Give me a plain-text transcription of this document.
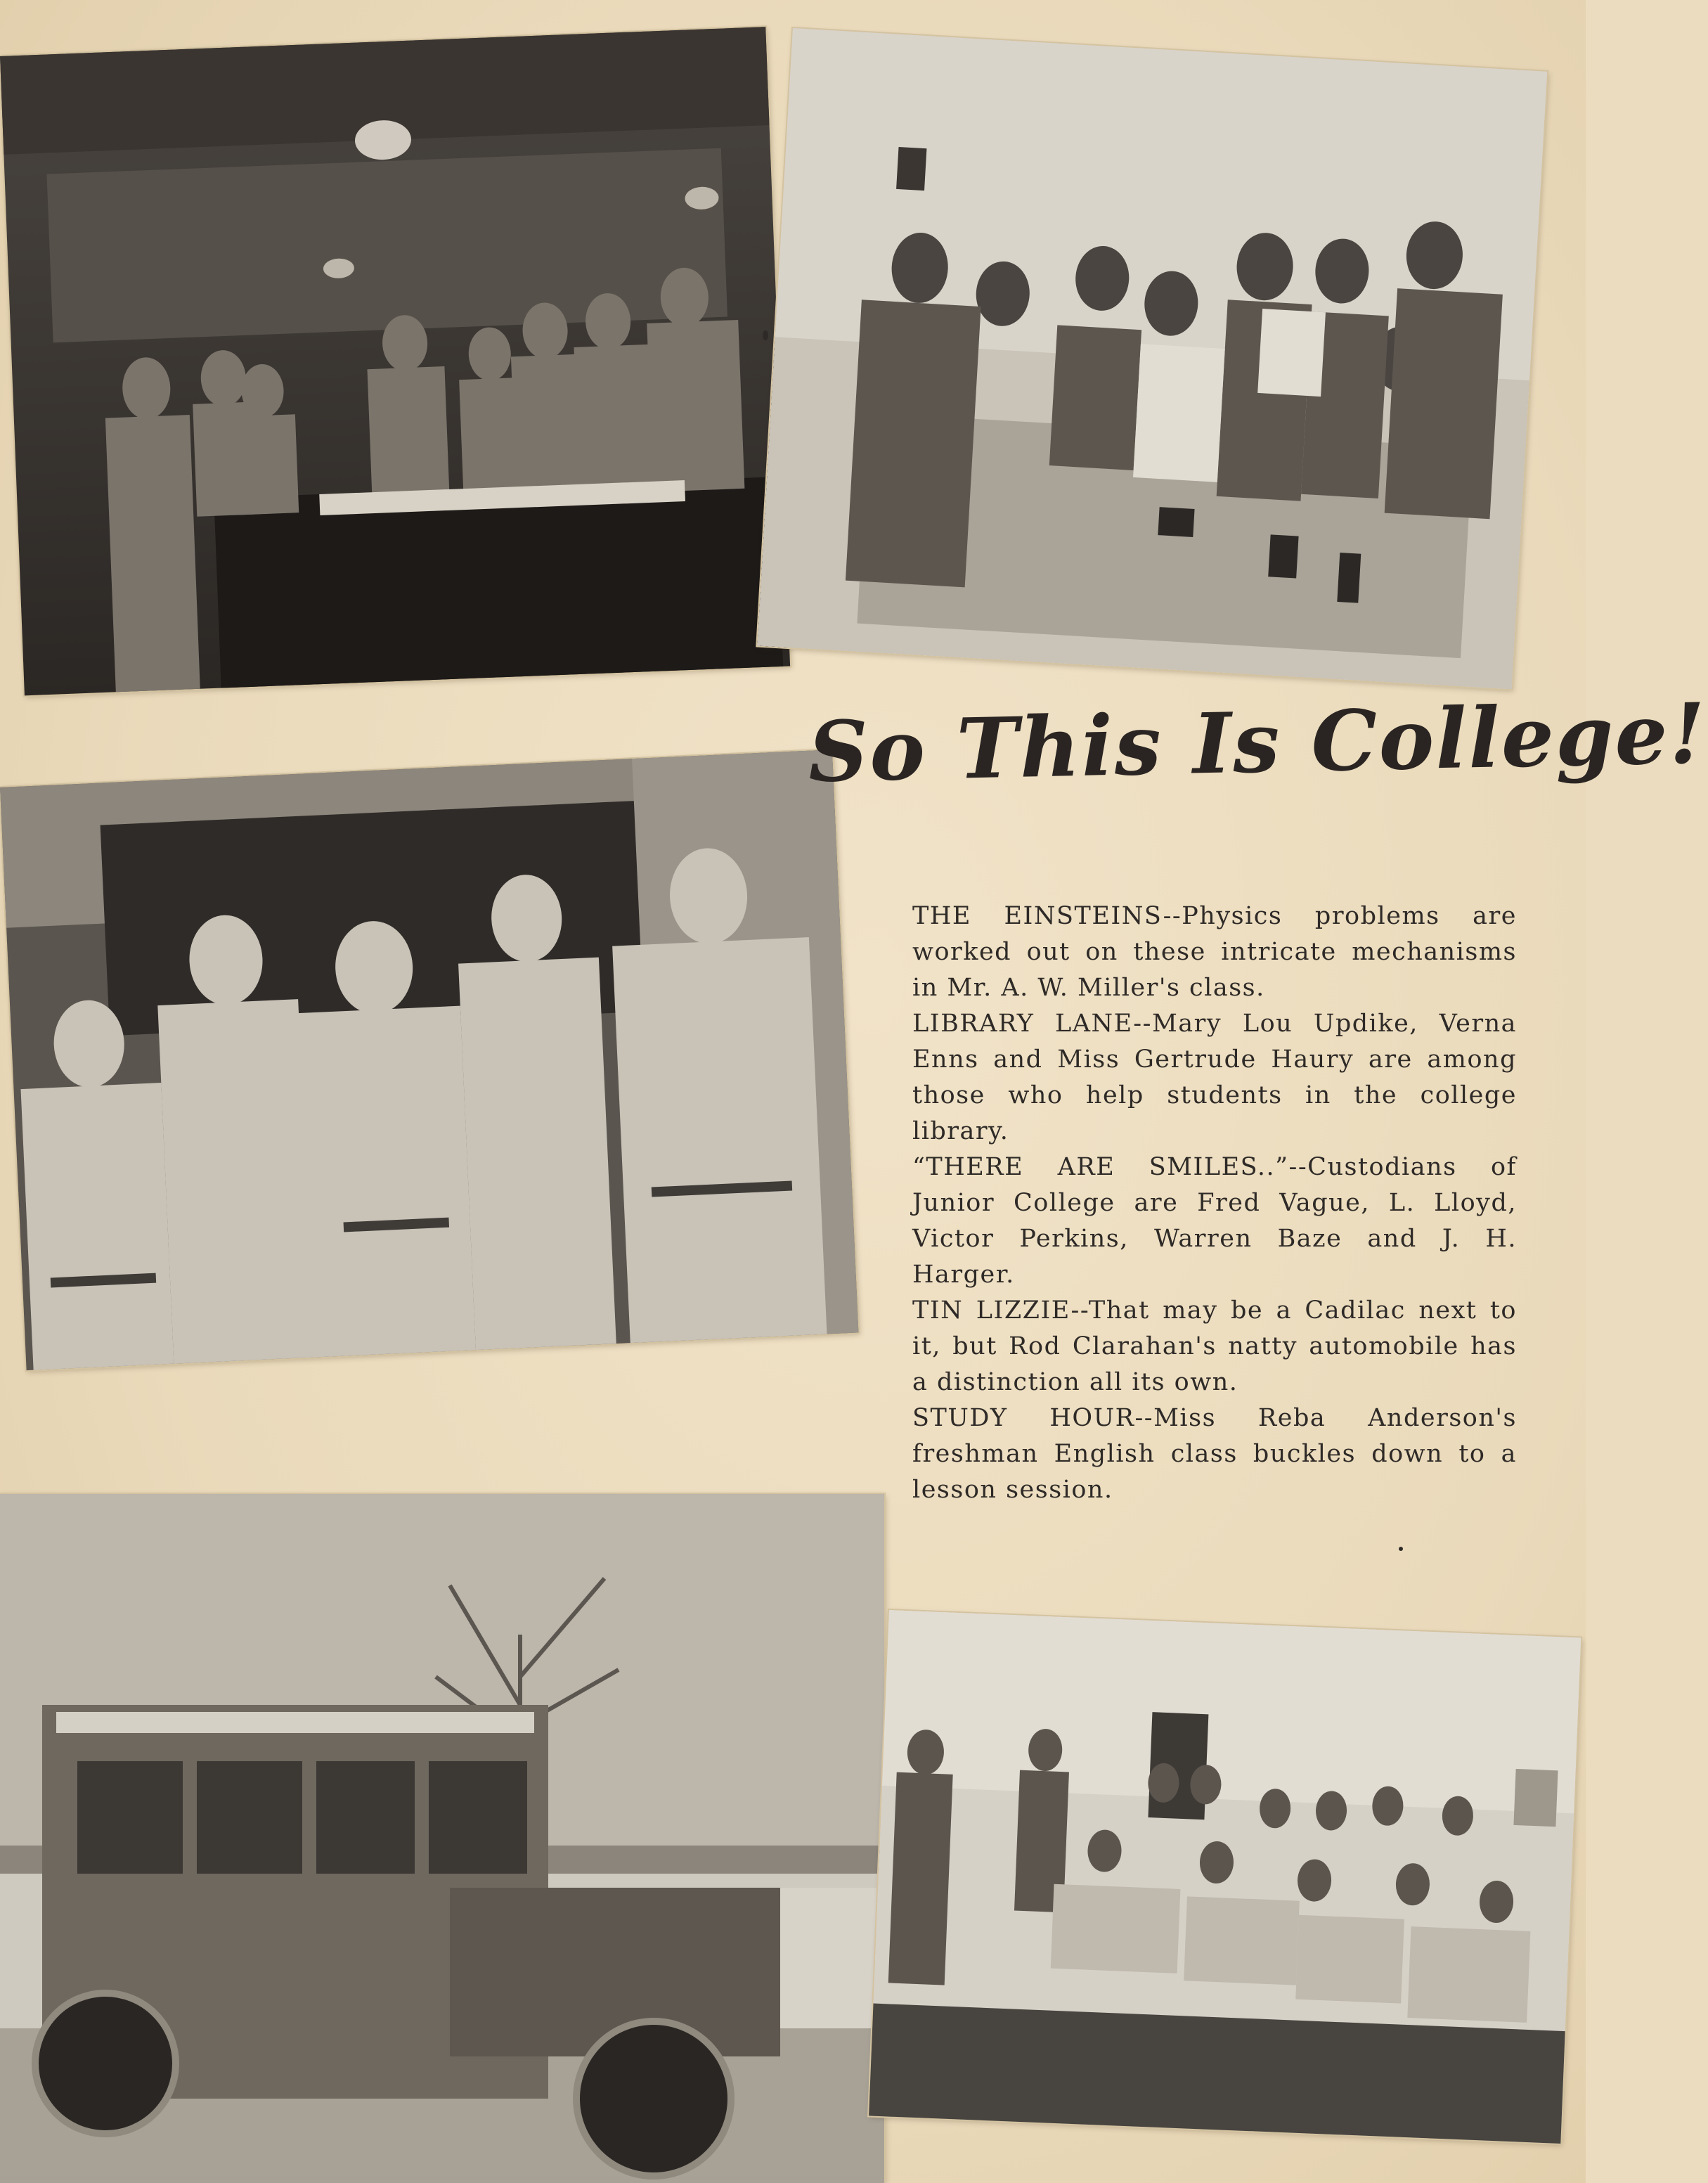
So This Is College!

THE EINSTEINS--Physics problems are worked out on these intricate mechanisms in Mr. A. W. Miller's class.

LIBRARY LANE--Mary Lou Updike, Verna Enns and Miss Gertrude Haury are among those who help students in the college library.

“THERE ARE SMILES..”--Custodians of Junior College are Fred Vague, L. Lloyd, Victor Perkins, Warren Baze and J. H. Harger.

TIN LIZZIE--That may be a Cadilac next to it, but Rod Clarahan's natty automobile has a distinction all its own.

STUDY HOUR--Miss Reba Anderson's freshman English class buckles down to a lesson session.
